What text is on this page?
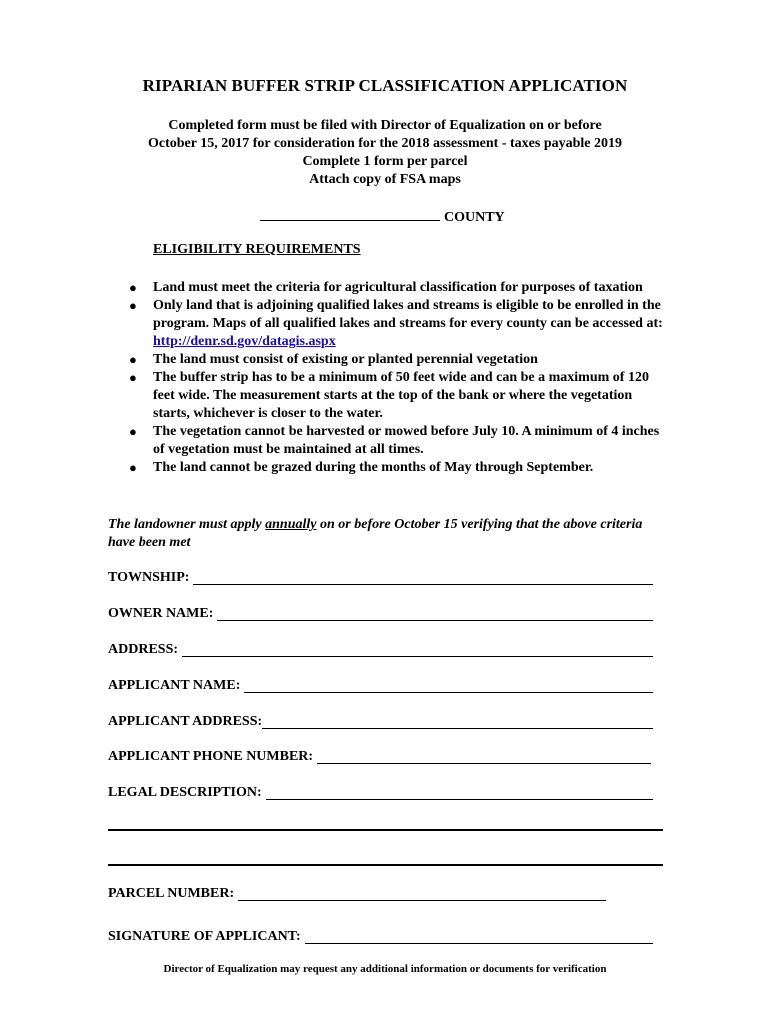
RIPARIAN BUFFER STRIP CLASSIFICATION APPLICATION
Completed form must be filed with Director of Equalization on or before
October 15, 2017 for consideration for the 2018 assessment - taxes payable 2019
Complete 1 form per parcel
Attach copy of FSA maps
COUNTY
ELIGIBILITY REQUIREMENTS
● Land must meet the criteria for agricultural classification for purposes of taxation
● Only land that is adjoining qualified lakes and streams is eligible to be enrolled in the program. Maps of all qualified lakes and streams for every county can be accessed at: http://denr.sd.gov/datagis.aspx
● The land must consist of existing or planted perennial vegetation
● The buffer strip has to be a minimum of 50 feet wide and can be a maximum of 120 feet wide. The measurement starts at the top of the bank or where the vegetation starts, whichever is closer to the water.
● The vegetation cannot be harvested or mowed before July 10. A minimum of 4 inches of vegetation must be maintained at all times.
● The land cannot be grazed during the months of May through September.
The landowner must apply annually on or before October 15 verifying that the above criteria have been met
TOWNSHIP:
OWNER NAME:
ADDRESS:
APPLICANT NAME:
APPLICANT ADDRESS:
APPLICANT PHONE NUMBER:
LEGAL DESCRIPTION:
PARCEL NUMBER:
SIGNATURE OF APPLICANT:
Director of Equalization may request any additional information or documents for verification
